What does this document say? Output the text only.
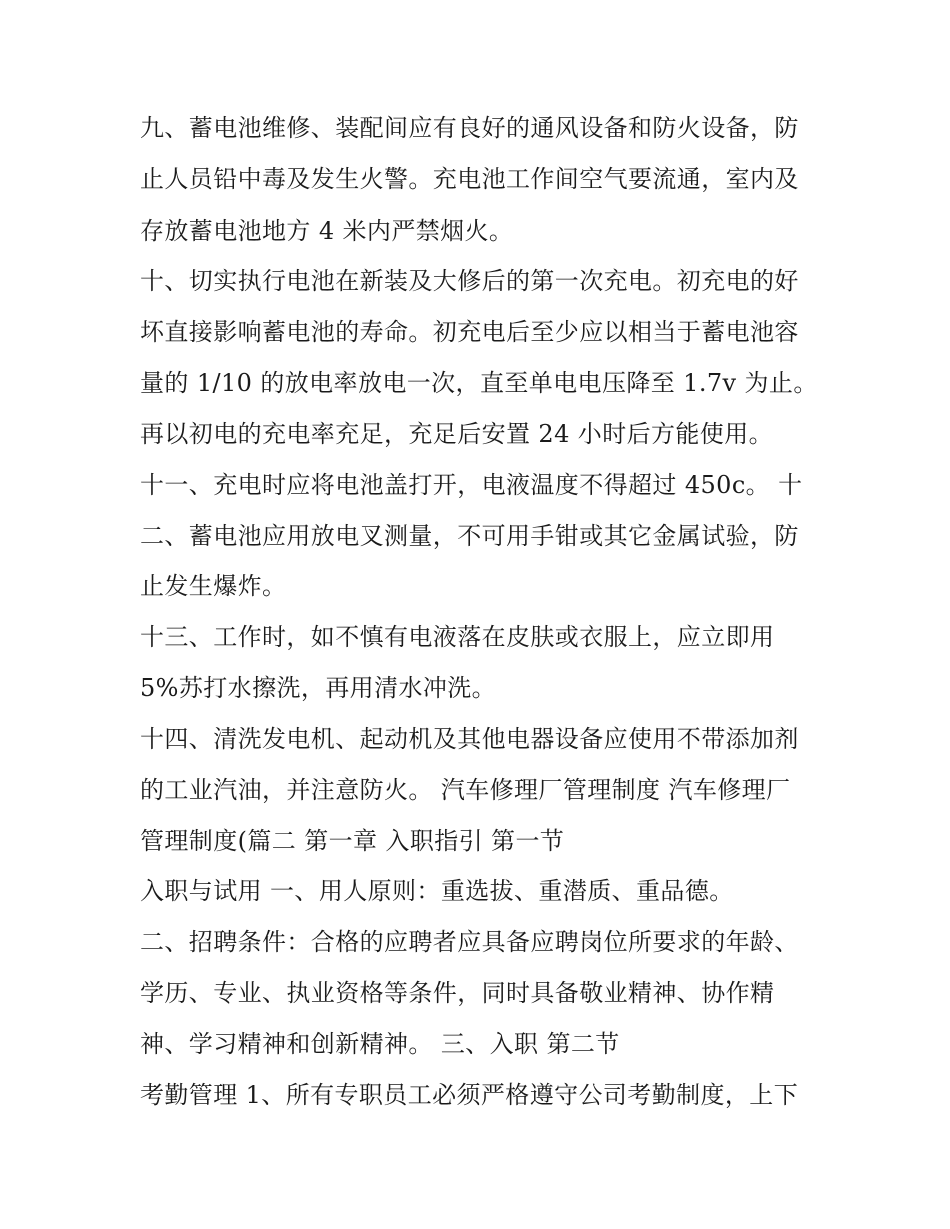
九、蓄电池维修、装配间应有良好的通风设备和防火设备，防
止人员铅中毒及发生火警。充电池工作间空气要流通，室内及
存放蓄电池地方 4 米内严禁烟火。
十、切实执行电池在新装及大修后的第一次充电。初充电的好
坏直接影响蓄电池的寿命。初充电后至少应以相当于蓄电池容
量的 1/10 的放电率放电一次，直至单电电压降至 1.7v 为止。
再以初电的充电率充足，充足后安置 24 小时后方能使用。
十一、充电时应将电池盖打开，电液温度不得超过 450c。 十
二、蓄电池应用放电叉测量，不可用手钳或其它金属试验，防
止发生爆炸。
十三、工作时，如不慎有电液落在皮肤或衣服上，应立即用
5%苏打水擦洗，再用清水冲洗。
十四、清洗发电机、起动机及其他电器设备应使用不带添加剂
的工业汽油，并注意防火。 汽车修理厂管理制度 汽车修理厂
管理制度(篇二 第一章 入职指引 第一节
入职与试用 一、用人原则：重选拔、重潜质、重品德。
二、招聘条件：合格的应聘者应具备应聘岗位所要求的年龄、
学历、专业、执业资格等条件，同时具备敬业精神、协作精
神、学习精神和创新精神。 三、入职 第二节
考勤管理 1、所有专职员工必须严格遵守公司考勤制度，上下
